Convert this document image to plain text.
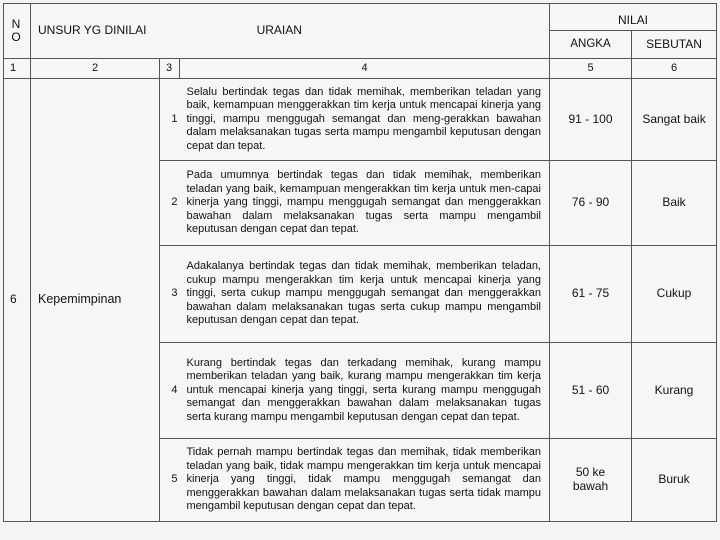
N O	UNSUR YG DINILAI	URAIAN		NILAI	
				ANGKA	SEBUTAN
1	2	3	4	5	6
6	Kepemimpinan	1	Selalu bertindak tegas dan tidak memihak, memberikan teladan yang baik, kemampuan menggerakkan tim kerja untuk mencapai kinerja yang tinggi, mampu menggugah semangat dan meng-gerakkan bawahan dalam melaksanakan tugas serta mampu mengambil keputusan dengan cepat dan tepat.	91 - 100	Sangat baik
		2	Pada umumnya bertindak tegas dan tidak memihak, memberikan teladan yang baik, kemampuan mengerakkan tim kerja untuk men-capai kinerja yang tinggi, mampu menggugah semangat dan menggerakkan bawahan dalam melaksanakan tugas serta mampu mengambil keputusan dengan cepat dan tepat.	76 - 90	Baik
		3	Adakalanya bertindak tegas dan tidak memihak, memberikan teladan, cukup mampu mengerakkan tim kerja untuk mencapai kinerja yang tinggi, serta cukup mampu menggugah semangat dan menggerakkan bawahan dalam melaksanakan tugas serta cukup mampu mengambil keputusan dengan cepat dan tepat.	61 - 75	Cukup
		4	Kurang bertindak tegas dan terkadang memihak, kurang mampu memberikan teladan yang baik, kurang mampu mengerakkan tim kerja untuk mencapai kinerja yang tinggi, serta kurang mampu menggugah semangat dan menggerakkan bawahan dalam melaksanakan tugas serta kurang mampu mengambil keputusan dengan cepat dan tepat.	51 - 60	Kurang
		5	Tidak pernah mampu bertindak tegas dan memihak, tidak memberikan teladan yang baik, tidak mampu mengerakkan tim kerja untuk mencapai kinerja yang tinggi, tidak mampu menggugah semangat dan menggerakkan bawahan dalam melaksanakan tugas serta tidak mampu mengambil keputusan dengan cepat dan tepat.	50 ke bawah	Buruk
